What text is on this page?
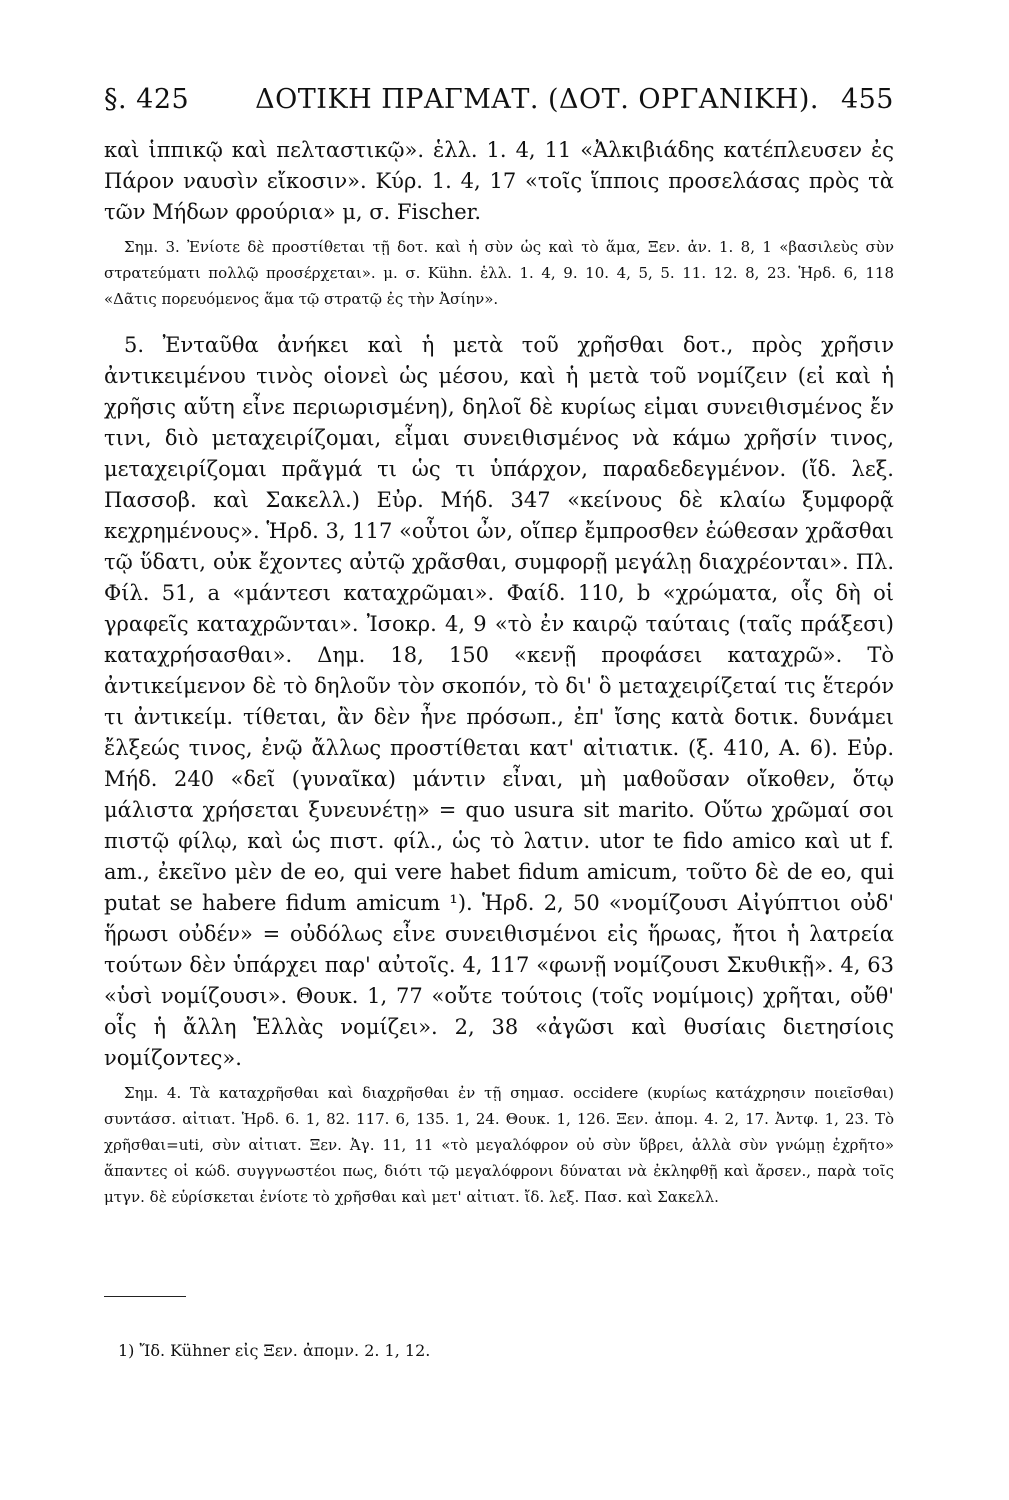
§. 425 ΔΟΤΙΚΗ ΠΡΑΓΜΑΤ. (ΔΟΤ. ΟΡΓΑΝΙΚΗ). 455

καὶ ἱππικῷ καὶ πελταστικῷ». ἑλλ. 1. 4, 11 «Ἀλκιβιάδης κατέπλευσεν ἐς Πάρον ναυσὶν εἴκοσιν». Κύρ. 1. 4, 17 «τοῖς ἵπποις προσελάσας πρὸς τὰ τῶν Μήδων φρούρια» μ, σ. Fischer.

Σημ. 3. Ἐνίοτε δὲ προστίθεται τῇ δοτ. καὶ ἡ σὺν ὡς καὶ τὸ ἅμα, Ξεν. ἀν. 1. 8, 1 «βασιλεὺς σὺν στρατεύματι πολλῷ προσέρχεται». μ. σ. Kühn. ἑλλ. 1. 4, 9. 10. 4, 5, 5. 11. 12. 8, 23. Ἡρδ. 6, 118 «Δᾶτις πορευόμενος ἅμα τῷ στρατῷ ἐς τὴν Ἀσίην».

5. Ἐνταῦθα ἀνήκει καὶ ἡ μετὰ τοῦ χρῆσθαι δοτ., πρὸς χρῆσιν ἀντικειμένου τινὸς οἱονεὶ ὡς μέσου, καὶ ἡ μετὰ τοῦ νομίζειν (εἰ καὶ ἡ χρῆσις αὕτη εἶνε περιωρισμένη), δηλοῖ δὲ κυρίως εἰμαι συνειθισμένος ἔν τινι, διὸ μεταχειρίζομαι, εἶμαι συνειθισμένος νὰ κάμω χρῆσίν τινος, μεταχειρίζομαι πρᾶγμά τι ὡς τι ὑπάρχον, παραδεδεγμένον. (ἴδ. λεξ. Πασσοβ. καὶ Σακελλ.) Εὐρ. Μήδ. 347 «κείνους δὲ κλαίω ξυμφορᾷ κεχρημένους». Ἡρδ. 3, 117 «οὗτοι ὦν, οἵπερ ἔμπροσθεν ἐώθεσαν χρᾶσθαι τῷ ὕδατι, οὐκ ἔχοντες αὐτῷ χρᾶσθαι, συμφορῇ μεγάλῃ διαχρέονται». Πλ. Φίλ. 51, a «μάντεσι καταχρῶμαι». Φαίδ. 110, b «χρώματα, οἷς δὴ οἱ γραφεῖς καταχρῶνται». Ἰσοκρ. 4, 9 «τὸ ἐν καιρῷ ταύταις (ταῖς πράξεσι) καταχρήσασθαι». Δημ. 18, 150 «κενῇ προφάσει καταχρῶ». Τὸ ἀντικείμενον δὲ τὸ δηλοῦν τὸν σκοπόν, τὸ δι' ὃ μεταχειρίζεταί τις ἕτερόν τι ἀντικείμ. τίθεται, ἂν δὲν ἦνε πρόσωπ., ἐπ' ἴσης κατὰ δοτικ. δυνάμει ἔλξεώς τινος, ἐνῷ ἄλλως προστίθεται κατ' αἰτιατικ. (ξ. 410, Α. 6). Εὐρ. Μήδ. 240 «δεῖ (γυναῖκα) μάντιν εἶναι, μὴ μαθοῦσαν οἴκοθεν, ὅτῳ μάλιστα χρήσεται ξυνευνέτῃ» = quo usura sit marito. Οὕτω χρῶμαί σοι πιστῷ φίλῳ, καὶ ὡς πιστ. φίλ., ὡς τὸ λατιν. utor te fido amico καὶ ut f. am., ἐκεῖνο μὲν de eo, qui vere habet fidum amicum, τοῦτο δὲ de eo, qui putat se habere fidum amicum ¹). Ἡρδ. 2, 50 «νομίζουσι Αἰγύπτιοι οὐδ' ἥρωσι οὐδέν» = οὐδόλως εἶνε συνειθισμένοι εἰς ἥρωας, ἤτοι ἡ λατρεία τούτων δὲν ὑπάρχει παρ' αὐτοῖς. 4, 117 «φωνῇ νομίζουσι Σκυθικῇ». 4, 63 «ὑσὶ νομίζουσι». Θουκ. 1, 77 «οὔτε τούτοις (τοῖς νομίμοις) χρῆται, οὔθ' οἷς ἡ ἄλλη Ἑλλὰς νομίζει». 2, 38 «ἀγῶσι καὶ θυσίαις διετησίοις νομίζοντες».

Σημ. 4. Τὰ καταχρῆσθαι καὶ διαχρῆσθαι ἐν τῇ σημασ. occidere (κυρίως κατάχρησιν ποιεῖσθαι) συντάσσ. αἰτιατ. Ἡρδ. 6. 1, 82. 117. 6, 135. 1, 24. Θουκ. 1, 126. Ξεν. ἀπομ. 4. 2, 17. Ἀντφ. 1, 23. Τὸ χρῆσθαι=uti, σὺν αἰτιατ. Ξεν. Ἀγ. 11, 11 «τὸ μεγαλόφρον οὐ σὺν ὕβρει, ἀλλὰ σὺν γνώμῃ ἐχρῆτο» ἅπαντες οἱ κώδ. συγγνωστέοι πως, διότι τῷ μεγαλόφρονι δύναται νὰ ἐκληφθῇ καὶ ἄρσεν., παρὰ τοῖς μτγν. δὲ εὑρίσκεται ἐνίοτε τὸ χρῆσθαι καὶ μετ' αἰτιατ. ἴδ. λεξ. Πασ. καὶ Σακελλ.

1) Ἴδ. Kühner εἰς Ξεν. ἀπομν. 2. 1, 12.
